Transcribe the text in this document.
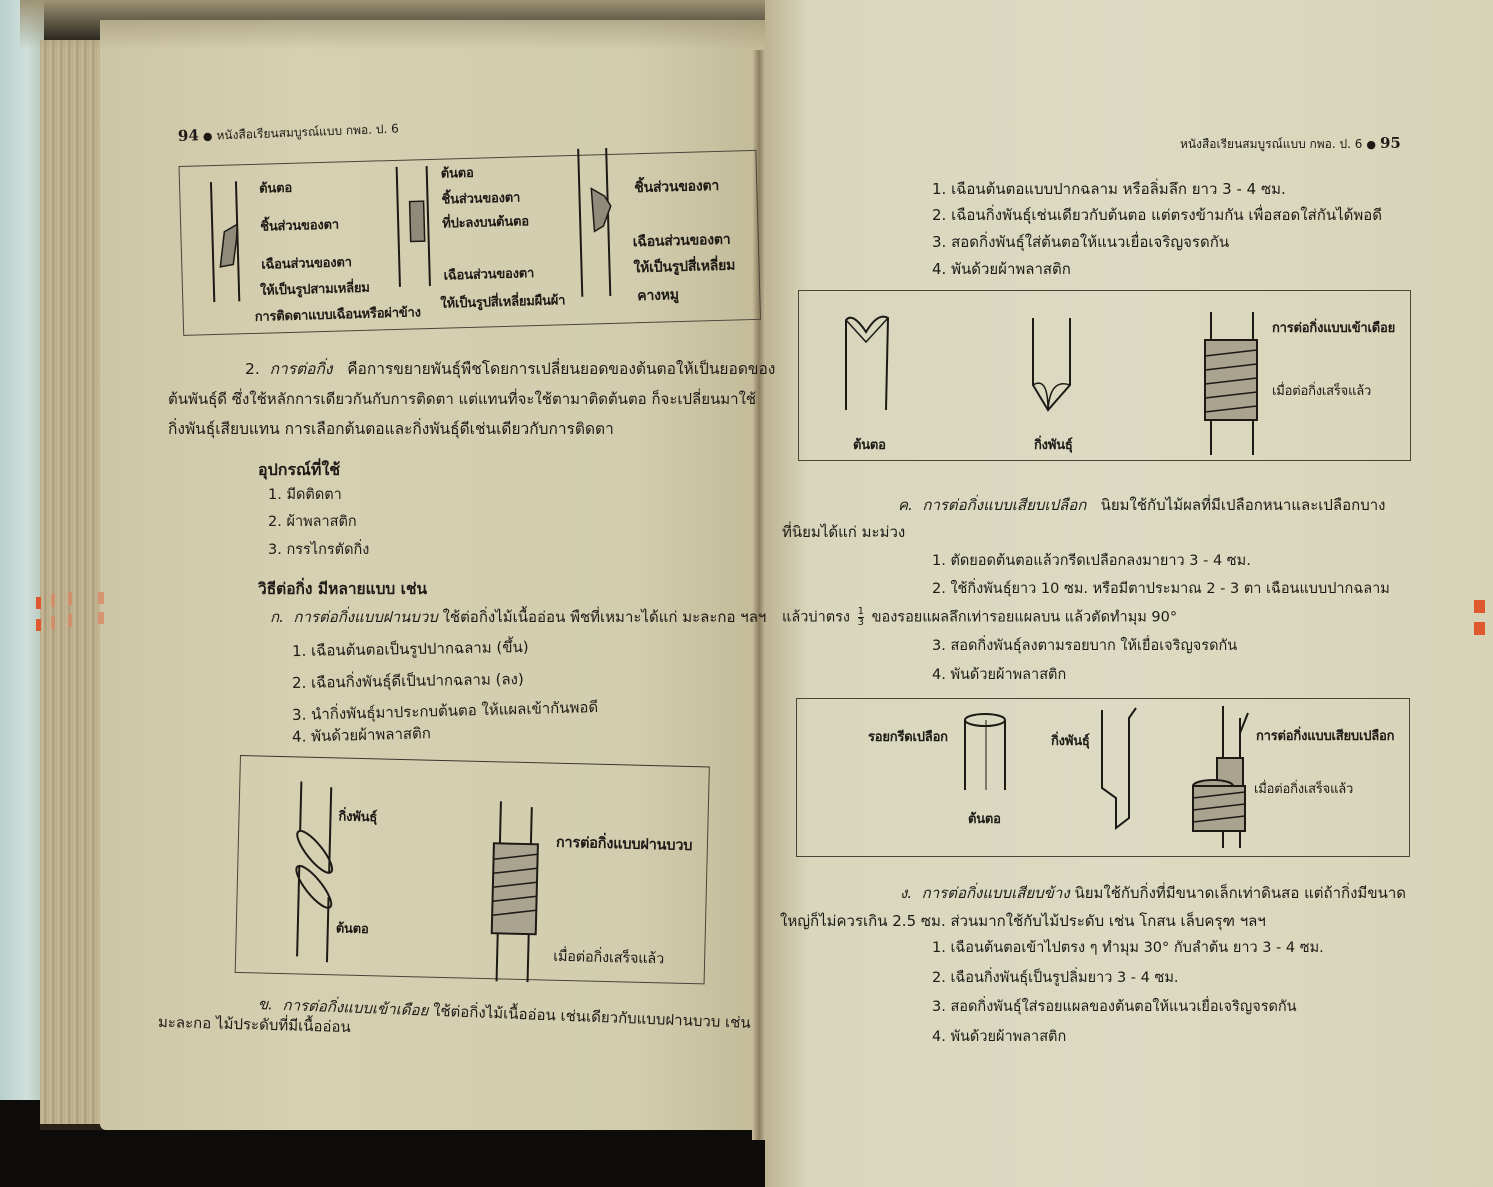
94 ● หนังสือเรียนสมบูรณ์แบบ กพอ. ป. 6
ต้นตอ
ชิ้นส่วนของตา
เฉือนส่วนของตา
ให้เป็นรูปสามเหลี่ยม
การติดตาแบบเฉือนหรือผ่าข้าง
ต้นตอ
ชิ้นส่วนของตา
ที่ปะลงบนต้นตอ
เฉือนส่วนของตา
ให้เป็นรูปสี่เหลี่ยมผืนผ้า
ชิ้นส่วนของตา
เฉือนส่วนของตา
ให้เป็นรูปสี่เหลี่ยม
คางหมู
2. การต่อกิ่ง คือการขยายพันธุ์พืชโดยการเปลี่ยนยอดของต้นตอให้เป็นยอดของ
ต้นพันธุ์ดี ซึ่งใช้หลักการเดียวกันกับการติดตา แต่แทนที่จะใช้ตามาติดต้นตอ ก็จะเปลี่ยนมาใช้
กิ่งพันธุ์เสียบแทน การเลือกต้นตอและกิ่งพันธุ์ดีเช่นเดียวกับการติดตา
อุปกรณ์ที่ใช้
1. มีดติดตา
2. ผ้าพลาสติก
3. กรรไกรตัดกิ่ง
วิธีต่อกิ่ง มีหลายแบบ เช่น
ก. การต่อกิ่งแบบฝานบวบ ใช้ต่อกิ่งไม้เนื้ออ่อน พืชที่เหมาะได้แก่ มะละกอ ฯลฯ
1. เฉือนต้นตอเป็นรูปปากฉลาม (ขึ้น)
2. เฉือนกิ่งพันธุ์ดีเป็นปากฉลาม (ลง)
3. นำกิ่งพันธุ์มาประกบต้นตอ ให้แผลเข้ากันพอดี
4. พันด้วยผ้าพลาสติก
กิ่งพันธุ์
ต้นตอ
การต่อกิ่งแบบฝานบวบ
เมื่อต่อกิ่งเสร็จแล้ว
ข. การต่อกิ่งแบบเข้าเดือย ใช้ต่อกิ่งไม้เนื้ออ่อน เช่นเดียวกับแบบฝานบวบ เช่น
มะละกอ ไม้ประดับที่มีเนื้ออ่อน
หนังสือเรียนสมบูรณ์แบบ กพอ. ป. 6 ● 95
1. เฉือนต้นตอแบบปากฉลาม หรือลิ่มลึก ยาว 3 - 4 ซม.
2. เฉือนกิ่งพันธุ์เช่นเดียวกับต้นตอ แต่ตรงข้ามกัน เพื่อสอดใส่กันได้พอดี
3. สอดกิ่งพันธุ์ใส่ต้นตอให้แนวเยื่อเจริญจรดกัน
4. พันด้วยผ้าพลาสติก
ต้นตอ	กิ่งพันธุ์
การต่อกิ่งแบบเข้าเดือย
เมื่อต่อกิ่งเสร็จแล้ว
ค. การต่อกิ่งแบบเสียบเปลือก นิยมใช้กับไม้ผลที่มีเปลือกหนาและเปลือกบาง
ที่นิยมได้แก่ มะม่วง
1. ตัดยอดต้นตอแล้วกรีดเปลือกลงมายาว 3 - 4 ซม.
2. ใช้กิ่งพันธุ์ยาว 10 ซม. หรือมีตาประมาณ 2 - 3 ตา เฉือนแบบปากฉลาม
แล้วบ่าตรง $\frac{1}{3}$ ของรอยแผลลึกเท่ารอยแผลบน แล้วตัดทำมุม 90°
3. สอดกิ่งพันธุ์ลงตามรอยบาก ให้เยื่อเจริญจรดกัน
4. พันด้วยผ้าพลาสติก
รอยกรีดเปลือก
ต้นตอ
กิ่งพันธุ์	การต่อกิ่งแบบเสียบเปลือก
เมื่อต่อกิ่งเสร็จแล้ว
ง. การต่อกิ่งแบบเสียบข้าง นิยมใช้กับกิ่งที่มีขนาดเล็กเท่าดินสอ แต่ถ้ากิ่งมีขนาด
ใหญ่ก็ไม่ควรเกิน 2.5 ซม. ส่วนมากใช้กับไม้ประดับ เช่น โกสน เล็บครุฑ ฯลฯ
1. เฉือนต้นตอเข้าไปตรง ๆ ทำมุม 30° กับลำต้น ยาว 3 - 4 ซม.
2. เฉือนกิ่งพันธุ์เป็นรูปลิ่มยาว 3 - 4 ซม.
3. สอดกิ่งพันธุ์ใส่รอยแผลของต้นตอให้แนวเยื่อเจริญจรดกัน
4. พันด้วยผ้าพลาสติก
